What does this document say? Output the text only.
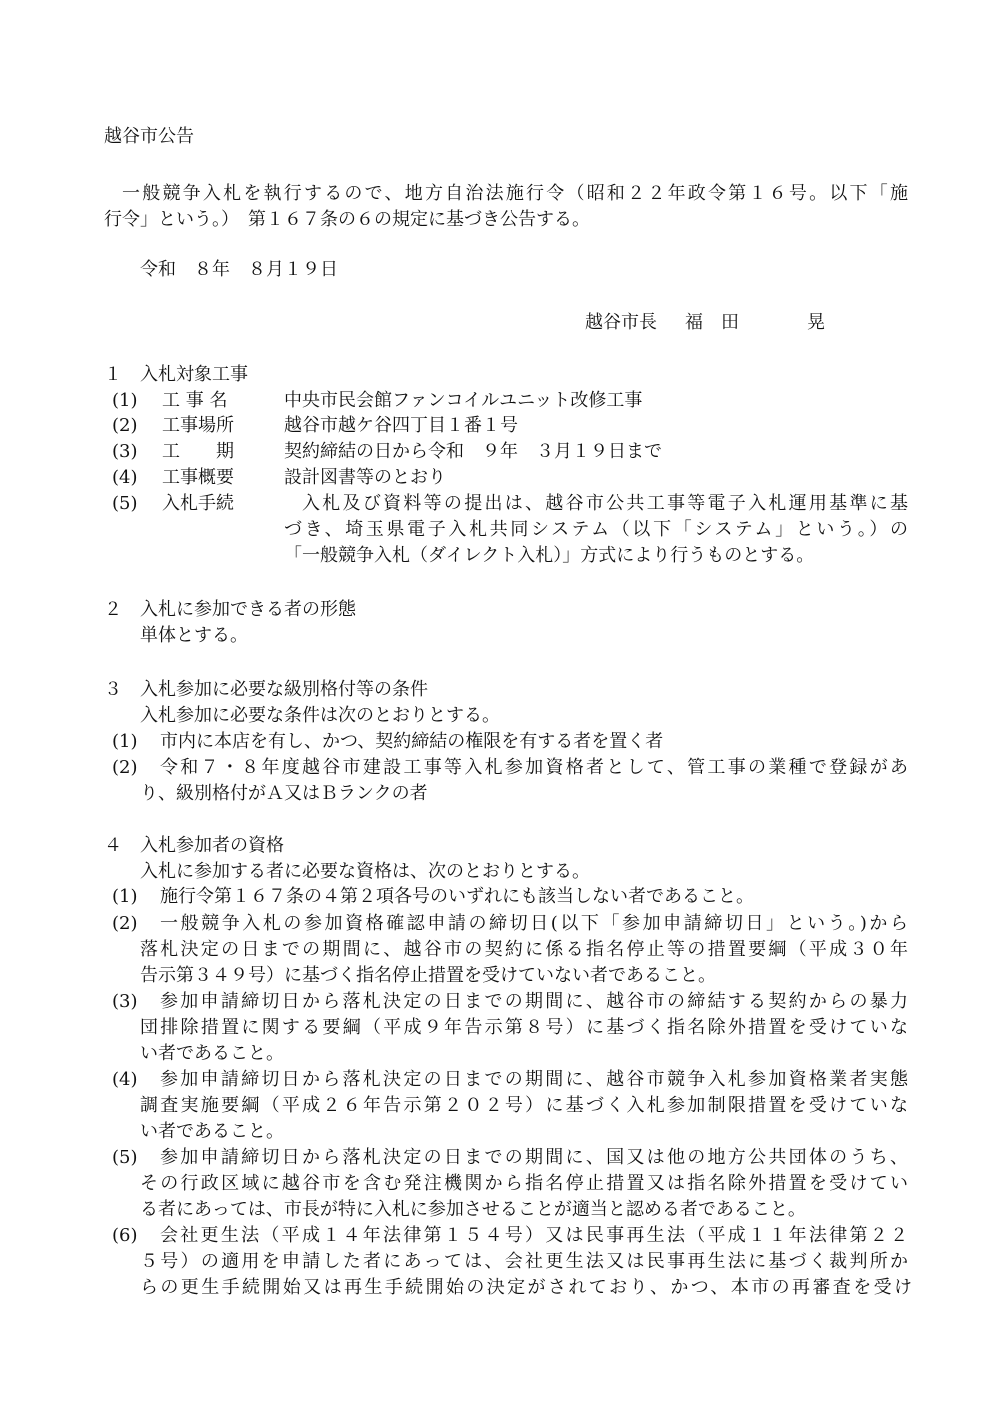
越谷市公告
一般競争入札を執行するので、地方自治法施行令（昭和２２年政令第１６号。以下「施
行令」という。）　第１６７条の６の規定に基づき公告する。
令和　８年　８月１９日
越谷市長 福　田	晃
１　入札対象工事
(1) 工 事 名	中央市民会館ファンコイルユニット改修工事
(2) 工事場所	越谷市越ケ谷四丁目１番１号
(3) 工　　期	契約締結の日から令和　９年　３月１９日まで
(4) 工事概要	設計図書等のとおり
(5) 入札手続	入札及び資料等の提出は、越谷市公共工事等電子入札運用基準に基
づき、埼玉県電子入札共同システム（以下「システム」という。）の
「一般競争入札（ダイレクト入札）」方式により行うものとする。
２　入札に参加できる者の形態
単体とする。
３　入札参加に必要な級別格付等の条件
入札参加に必要な条件は次のとおりとする。
(1) 市内に本店を有し、かつ、契約締結の権限を有する者を置く者
(2) 令和７・８年度越谷市建設工事等入札参加資格者として、管工事の業種で登録があ
り、級別格付がＡ又はＢランクの者
４　入札参加者の資格
入札に参加する者に必要な資格は、次のとおりとする。
(1) 施行令第１６７条の４第２項各号のいずれにも該当しない者であること。
(2) 一般競争入札の参加資格確認申請の締切日(以下「参加申請締切日」という。)から
落札決定の日までの期間に、越谷市の契約に係る指名停止等の措置要綱（平成３０年
告示第３４９号）に基づく指名停止措置を受けていない者であること。
(3) 参加申請締切日から落札決定の日までの期間に、越谷市の締結する契約からの暴力
団排除措置に関する要綱（平成９年告示第８号）に基づく指名除外措置を受けていな
い者であること。
(4) 参加申請締切日から落札決定の日までの期間に、越谷市競争入札参加資格業者実態
調査実施要綱（平成２６年告示第２０２号）に基づく入札参加制限措置を受けていな
い者であること。
(5) 参加申請締切日から落札決定の日までの期間に、国又は他の地方公共団体のうち、
その行政区域に越谷市を含む発注機関から指名停止措置又は指名除外措置を受けてい
る者にあっては、市長が特に入札に参加させることが適当と認める者であること。
(6) 会社更生法（平成１４年法律第１５４号）又は民事再生法（平成１１年法律第２２
５号）の適用を申請した者にあっては、会社更生法又は民事再生法に基づく裁判所か
らの更生手続開始又は再生手続開始の決定がされており、かつ、本市の再審査を受け
